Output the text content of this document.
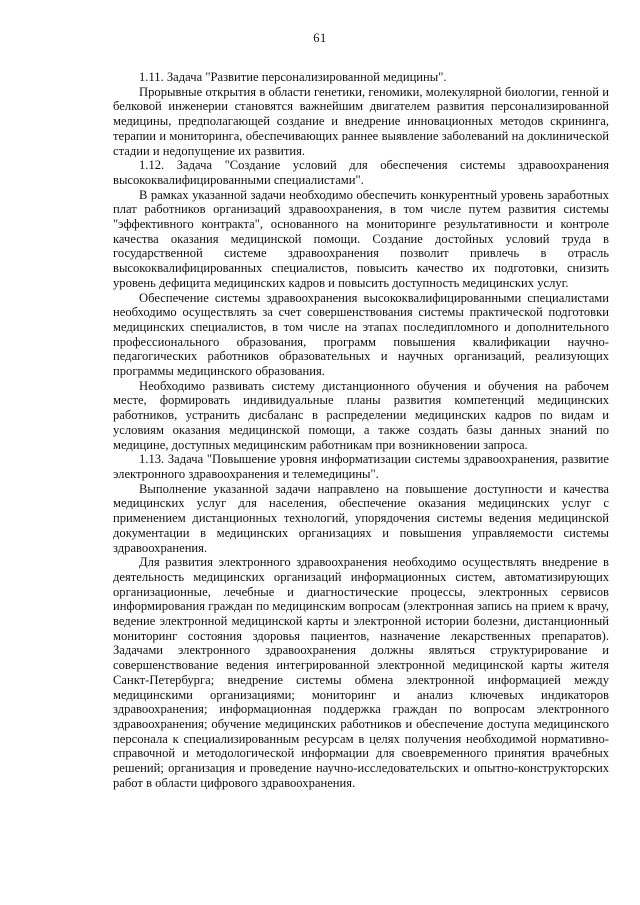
61

1.11. Задача "Развитие персонализированной медицины".

Прорывные открытия в области генетики, геномики, молекулярной биологии, генной и белковой инженерии становятся важнейшим двигателем развития персонализированной медицины, предполагающей создание и внедрение инновационных методов скрининга, терапии и мониторинга, обеспечивающих раннее выявление заболеваний на доклинической стадии и недопущение их развития.

1.12. Задача "Создание условий для обеспечения системы здравоохранения высококвалифицированными специалистами".

В рамках указанной задачи необходимо обеспечить конкурентный уровень заработных плат работников организаций здравоохранения, в том числе путем развития системы "эффективного контракта", основанного на мониторинге результативности и контроле качества оказания медицинской помощи. Создание достойных условий труда в государственной системе здравоохранения позволит привлечь в отрасль высококвалифицированных специалистов, повысить качество их подготовки, снизить уровень дефицита медицинских кадров и повысить доступность медицинских услуг.

Обеспечение системы здравоохранения высококвалифицированными специалистами необходимо осуществлять за счет совершенствования системы практической подготовки медицинских специалистов, в том числе на этапах последипломного и дополнительного профессионального образования, программ повышения квалификации научно-педагогических работников образовательных и научных организаций, реализующих программы медицинского образования.

Необходимо развивать систему дистанционного обучения и обучения на рабочем месте, формировать индивидуальные планы развития компетенций медицинских работников, устранить дисбаланс в распределении медицинских кадров по видам и условиям оказания медицинской помощи, а также создать базы данных знаний по медицине, доступных медицинским работникам при возникновении запроса.

1.13. Задача "Повышение уровня информатизации системы здравоохранения, развитие электронного здравоохранения и телемедицины".

Выполнение указанной задачи направлено на повышение доступности и качества медицинских услуг для населения, обеспечение оказания медицинских услуг с применением дистанционных технологий, упорядочения системы ведения медицинской документации в медицинских организациях и повышения управляемости системы здравоохранения.

Для развития электронного здравоохранения необходимо осуществлять внедрение в деятельность медицинских организаций информационных систем, автоматизирующих организационные, лечебные и диагностические процессы, электронных сервисов информирования граждан по медицинским вопросам (электронная запись на прием к врачу, ведение электронной медицинской карты и электронной истории болезни, дистанционный мониторинг состояния здоровья пациентов, назначение лекарственных препаратов). Задачами электронного здравоохранения должны являться структурирование и совершенствование ведения интегрированной электронной медицинской карты жителя Санкт-Петербурга; внедрение системы обмена электронной информацией между медицинскими организациями; мониторинг и анализ ключевых индикаторов здравоохранения; информационная поддержка граждан по вопросам электронного здравоохранения; обучение медицинских работников и обеспечение доступа медицинского персонала к специализированным ресурсам в целях получения необходимой нормативно-справочной и методологической информации для своевременного принятия врачебных решений; организация и проведение научно-исследовательских и опытно-конструкторских работ в области цифрового здравоохранения.
